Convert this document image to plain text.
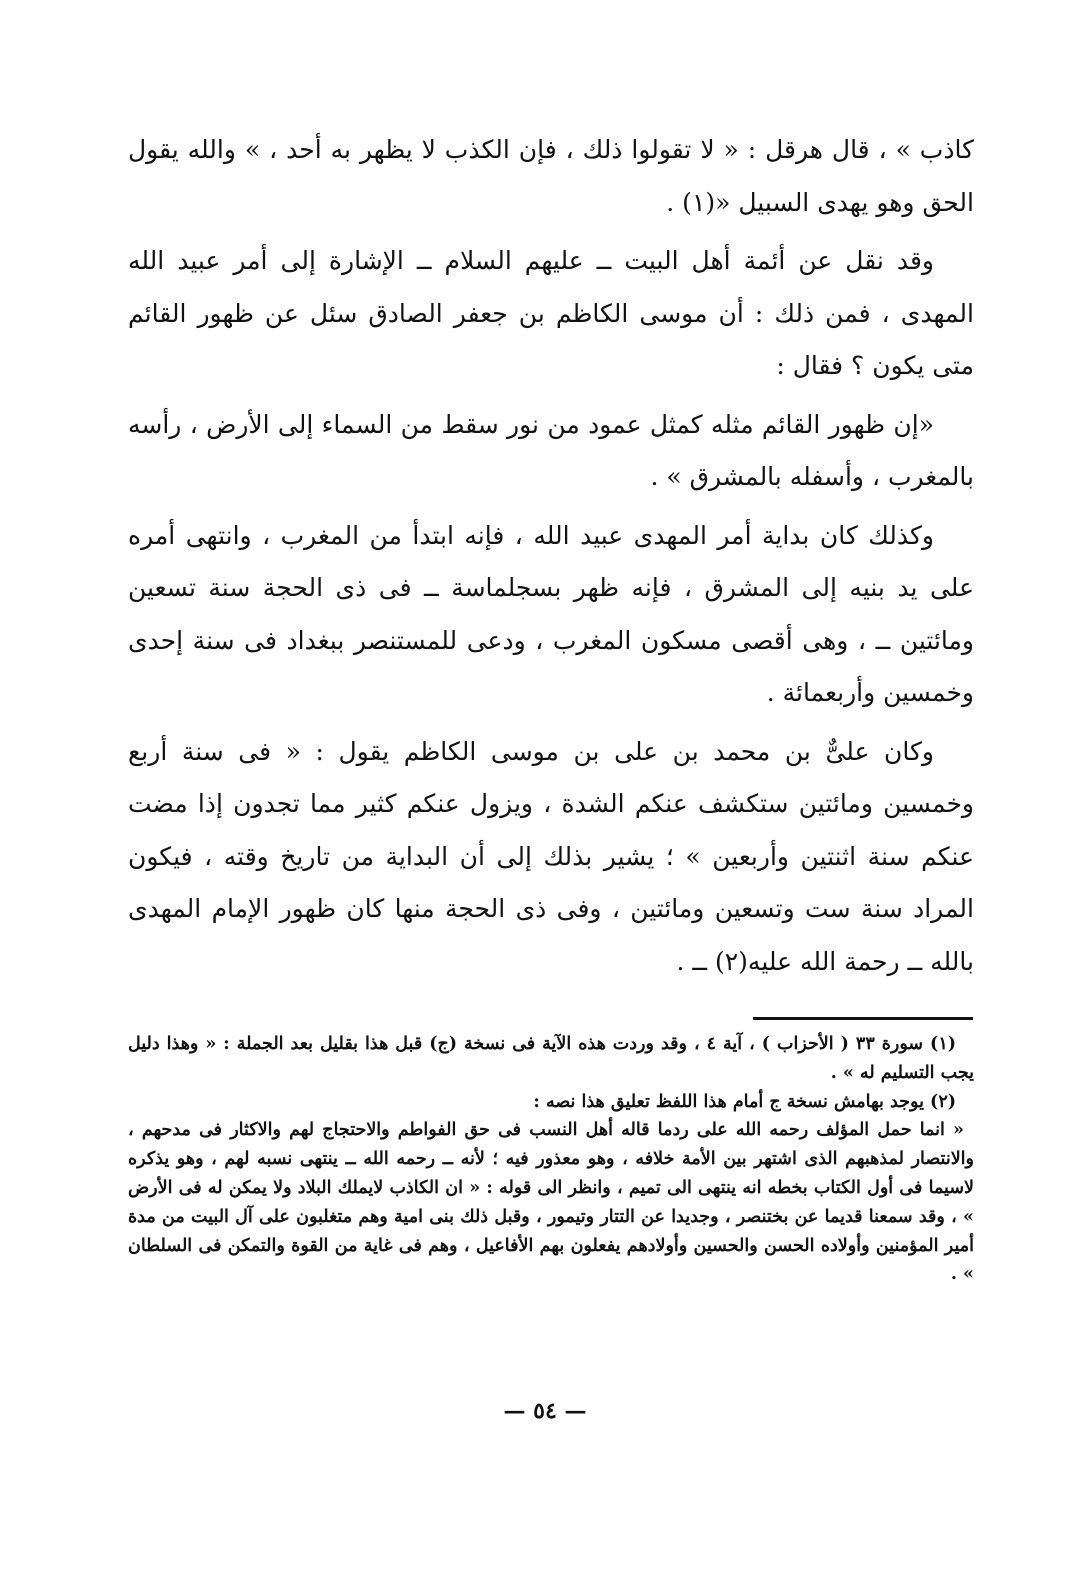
كاذب » ، قال هرقل : « لا تقولوا ذلك ، فإن الكذب لا يظهر به أحد ، » والله يقول الحق وهو يهدى السبيل «(١) .

وقد نقل عن أئمة أهل البيت ــ عليهم السلام ــ الإشارة إلى أمر عبيد الله المهدى ، فمن ذلك : أن موسى الكاظم بن جعفر الصادق سئل عن ظهور القائم متى يكون ؟ فقال :

«إن ظهور القائم مثله كمثل عمود من نور سقط من السماء إلى الأرض ، رأسه بالمغرب ، وأسفله بالمشرق » .

وكذلك كان بداية أمر المهدى عبيد الله ، فإنه ابتدأ من المغرب ، وانتهى أمره على يد بنيه إلى المشرق ، فإنه ظهر بسجلماسة ــ فى ذى الحجة سنة تسعين ومائتين ــ ، وهى أقصى مسكون المغرب ، ودعى للمستنصر ببغداد فى سنة إحدى وخمسين وأربعمائة .

وكان علىٌّ بن محمد بن على بن موسى الكاظم يقول : « فى سنة أربع وخمسين ومائتين ستكشف عنكم الشدة ، ويزول عنكم كثير مما تجدون إذا مضت عنكم سنة اثنتين وأربعين » ؛ يشير بذلك إلى أن البداية من تاريخ وقته ، فيكون المراد سنة ست وتسعين ومائتين ، وفى ذى الحجة منها كان ظهور الإمام المهدى بالله ــ رحمة الله عليه(٢) ــ .

(١) سورة ٣٣ ( الأحزاب ) ، آية ٤ ، وقد وردت هذه الآية فى نسخة (ج) قبل هذا بقليل بعد الجملة : « وهذا دليل يجب التسليم له » .

(٢) يوجد بهامش نسخة ج أمام هذا اللفظ تعليق هذا نصه :

« انما حمل المؤلف رحمه الله على ردما قاله أهل النسب فى حق الفواطم والاحتجاج لهم والاكثار فى مدحهم ، والانتصار لمذهبهم الذى اشتهر بين الأمة خلافه ، وهو معذور فيه ؛ لأنه ــ رحمه الله ــ ينتهى نسبه لهم ، وهو يذكره لاسيما فى أول الكتاب بخطه انه ينتهى الى تميم ، وانظر الى قوله : « ان الكاذب لايملك البلاد ولا يمكن له فى الأرض » ، وقد سمعنا قديما عن بختنصر ، وجديدا عن التتار وتيمور ، وقبل ذلك بنى امية وهم متغلبون على آل البيت من مدة أمير المؤمنين وأولاده الحسن والحسين وأولادهم يفعلون بهم الأفاعيل ، وهم فى غاية من القوة والتمكن فى السلطان » .

— ٥٤ —
